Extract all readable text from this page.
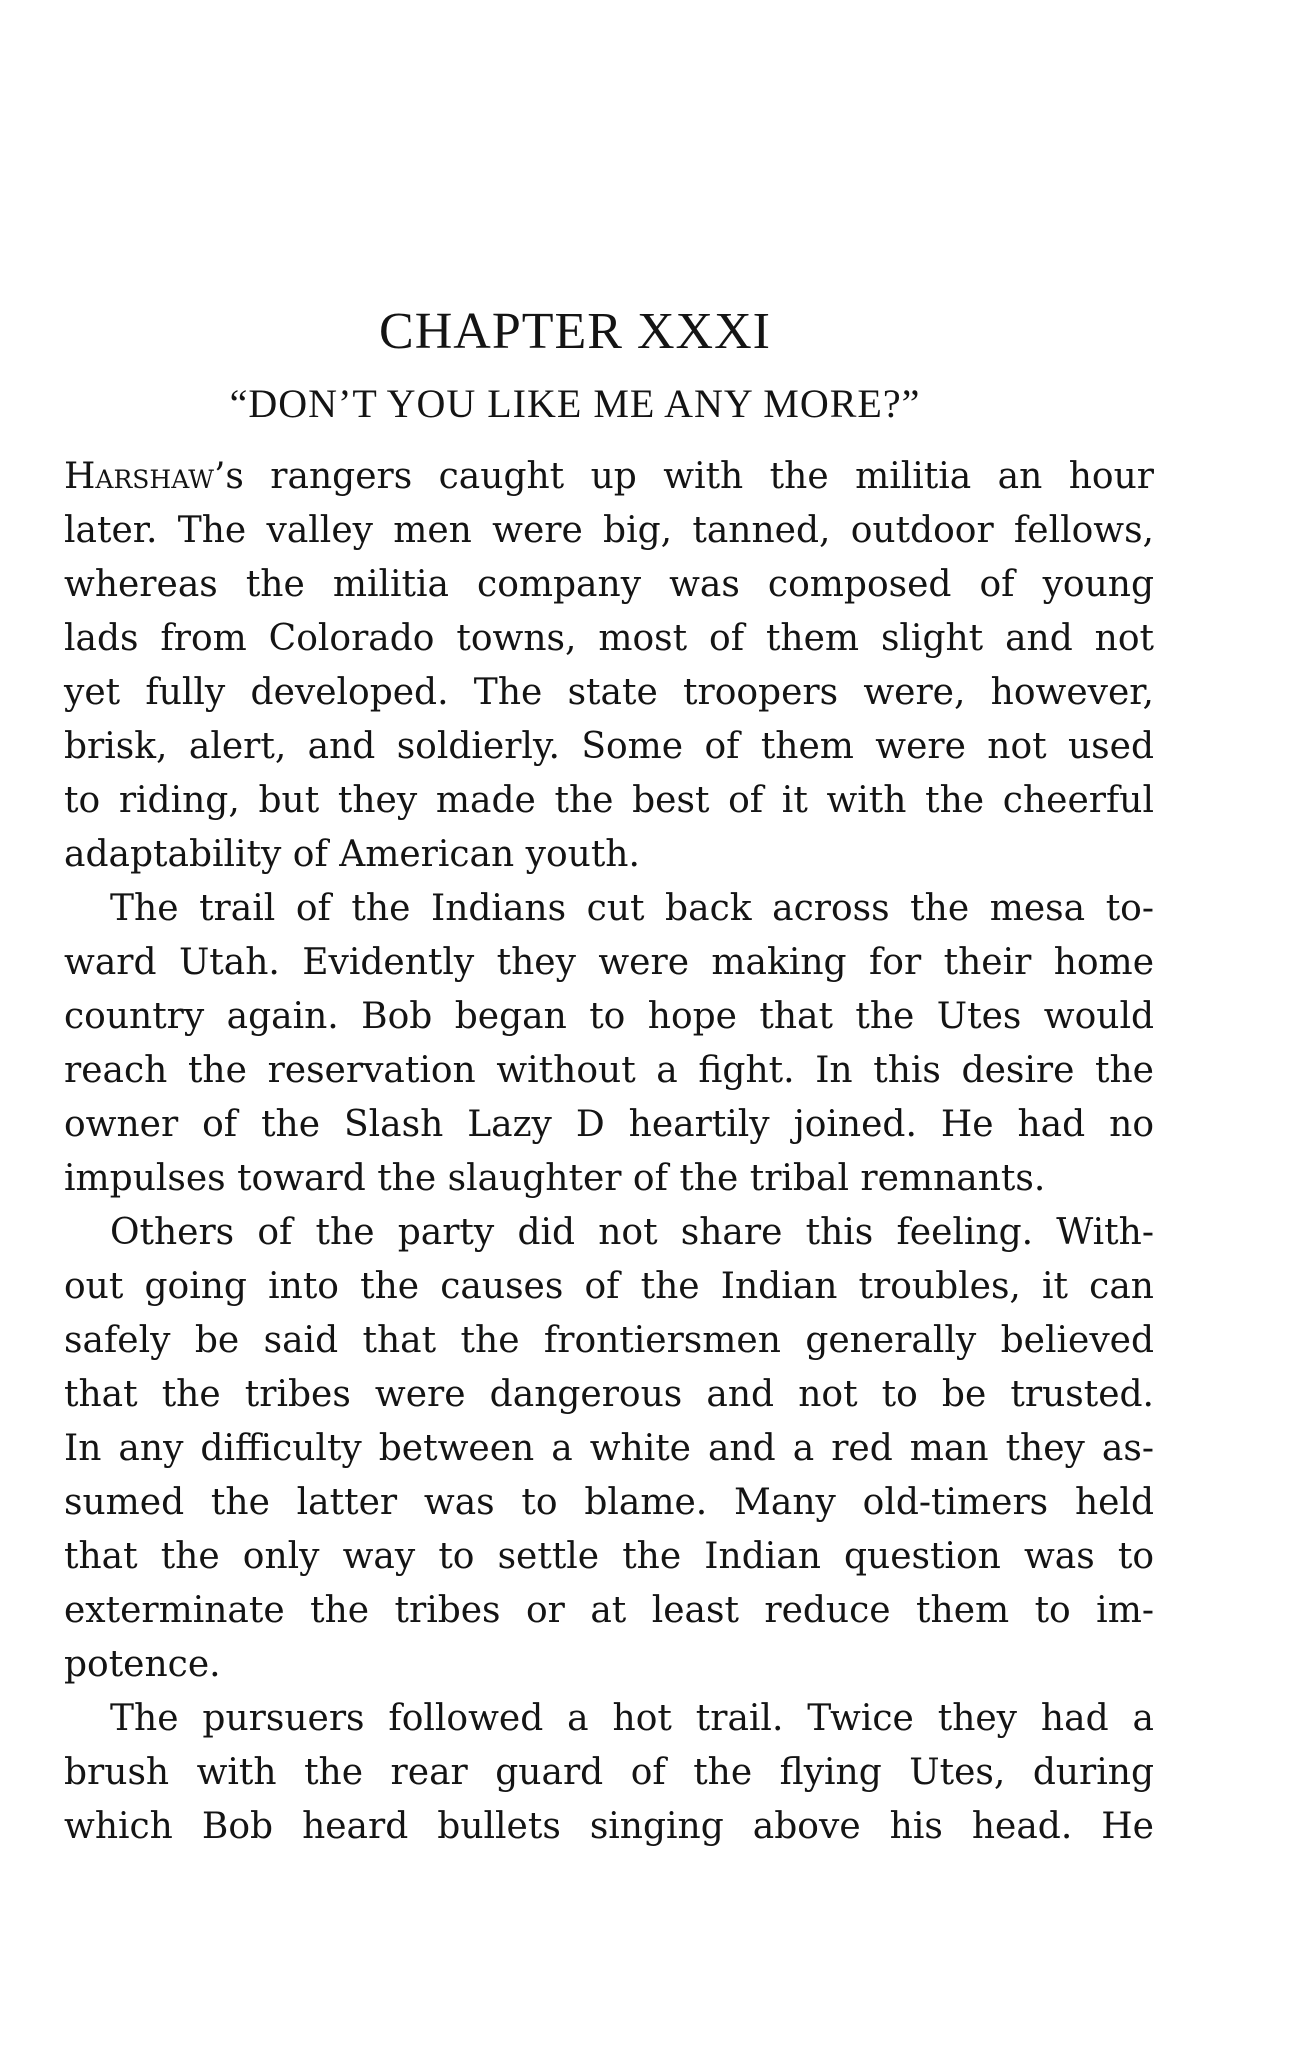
CHAPTER XXXI
“DON’T YOU LIKE ME ANY MORE?”
Harshaw’s rangers caught up with the militia an hour
later. The valley men were big, tanned, outdoor fellows,
whereas the militia company was composed of young
lads from Colorado towns, most of them slight and not
yet fully developed. The state troopers were, however,
brisk, alert, and soldierly. Some of them were not used
to riding, but they made the best of it with the cheerful
adaptability of American youth.
The trail of the Indians cut back across the mesa to-
ward Utah. Evidently they were making for their home
country again. Bob began to hope that the Utes would
reach the reservation without a fight. In this desire the
owner of the Slash Lazy D heartily joined. He had no
impulses toward the slaughter of the tribal remnants.
Others of the party did not share this feeling. With-
out going into the causes of the Indian troubles, it can
safely be said that the frontiersmen generally believed
that the tribes were dangerous and not to be trusted.
In any difficulty between a white and a red man they as-
sumed the latter was to blame. Many old-timers held
that the only way to settle the Indian question was to
exterminate the tribes or at least reduce them to im-
potence.
The pursuers followed a hot trail. Twice they had a
brush with the rear guard of the flying Utes, during
which Bob heard bullets singing above his head. He
